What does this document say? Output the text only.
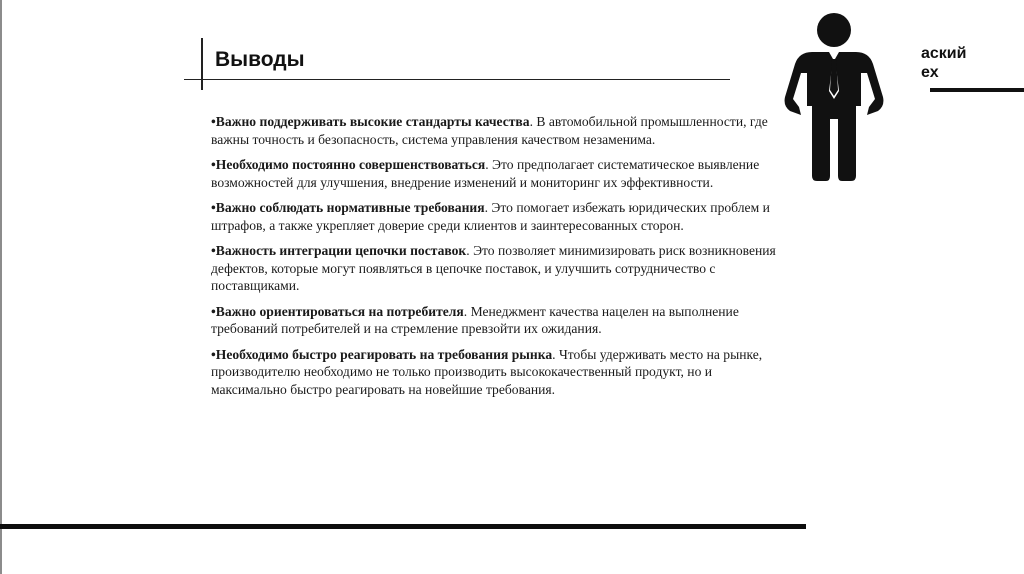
Выводы

•Важно поддерживать высокие стандарты качества. В автомобильной промышленности, где важны точность и безопасность, система управления качеством незаменима.

•Необходимо постоянно совершенствоваться. Это предполагает систематическое выявление возможностей для улучшения, внедрение изменений и мониторинг их эффективности.

•Важно соблюдать нормативные требования. Это помогает избежать юридических проблем и штрафов, а также укрепляет доверие среди клиентов и заинтересованных сторон.

•Важность интеграции цепочки поставок. Это позволяет минимизировать риск возникновения дефектов, которые могут появляться в цепочке поставок, и улучшить сотрудничество с поставщиками.

•Важно ориентироваться на потребителя. Менеджмент качества нацелен на выполнение требований потребителей и на стремление превзойти их ожидания.

•Необходимо быстро реагировать на требования рынка. Чтобы удерживать место на рынке, производителю необходимо не только производить высококачественный продукт, но и максимально быстро реагировать на новейшие требования.

аский
ех
